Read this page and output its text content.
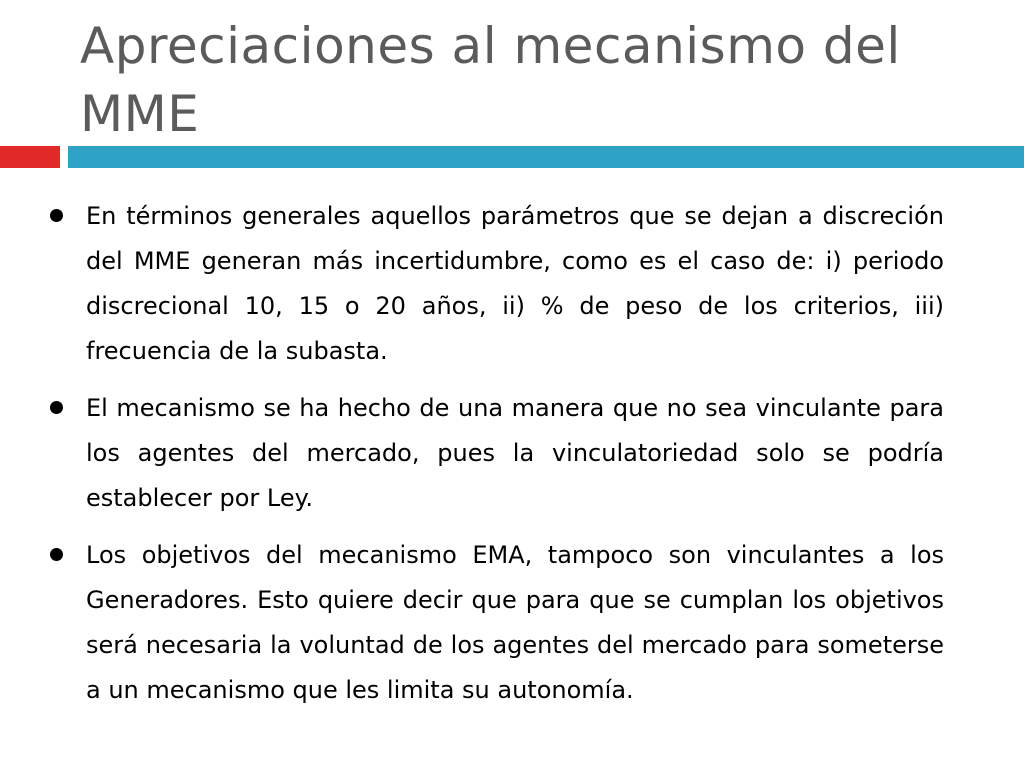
Apreciaciones al mecanismo del
MME
En términos generales aquellos parámetros que se dejan a discreción del MME generan más incertidumbre, como es el caso de: i) periodo discrecional 10, 15 o 20 años, ii) % de peso de los criterios, iii) frecuencia de la subasta.
El mecanismo se ha hecho de una manera que no sea vinculante para los agentes del mercado, pues la vinculatoriedad solo se podría establecer por Ley.
Los objetivos del mecanismo EMA, tampoco son vinculantes a los Generadores. Esto quiere decir que para que se cumplan los objetivos será necesaria la voluntad de los agentes del mercado para someterse a un mecanismo que les limita su autonomía.
